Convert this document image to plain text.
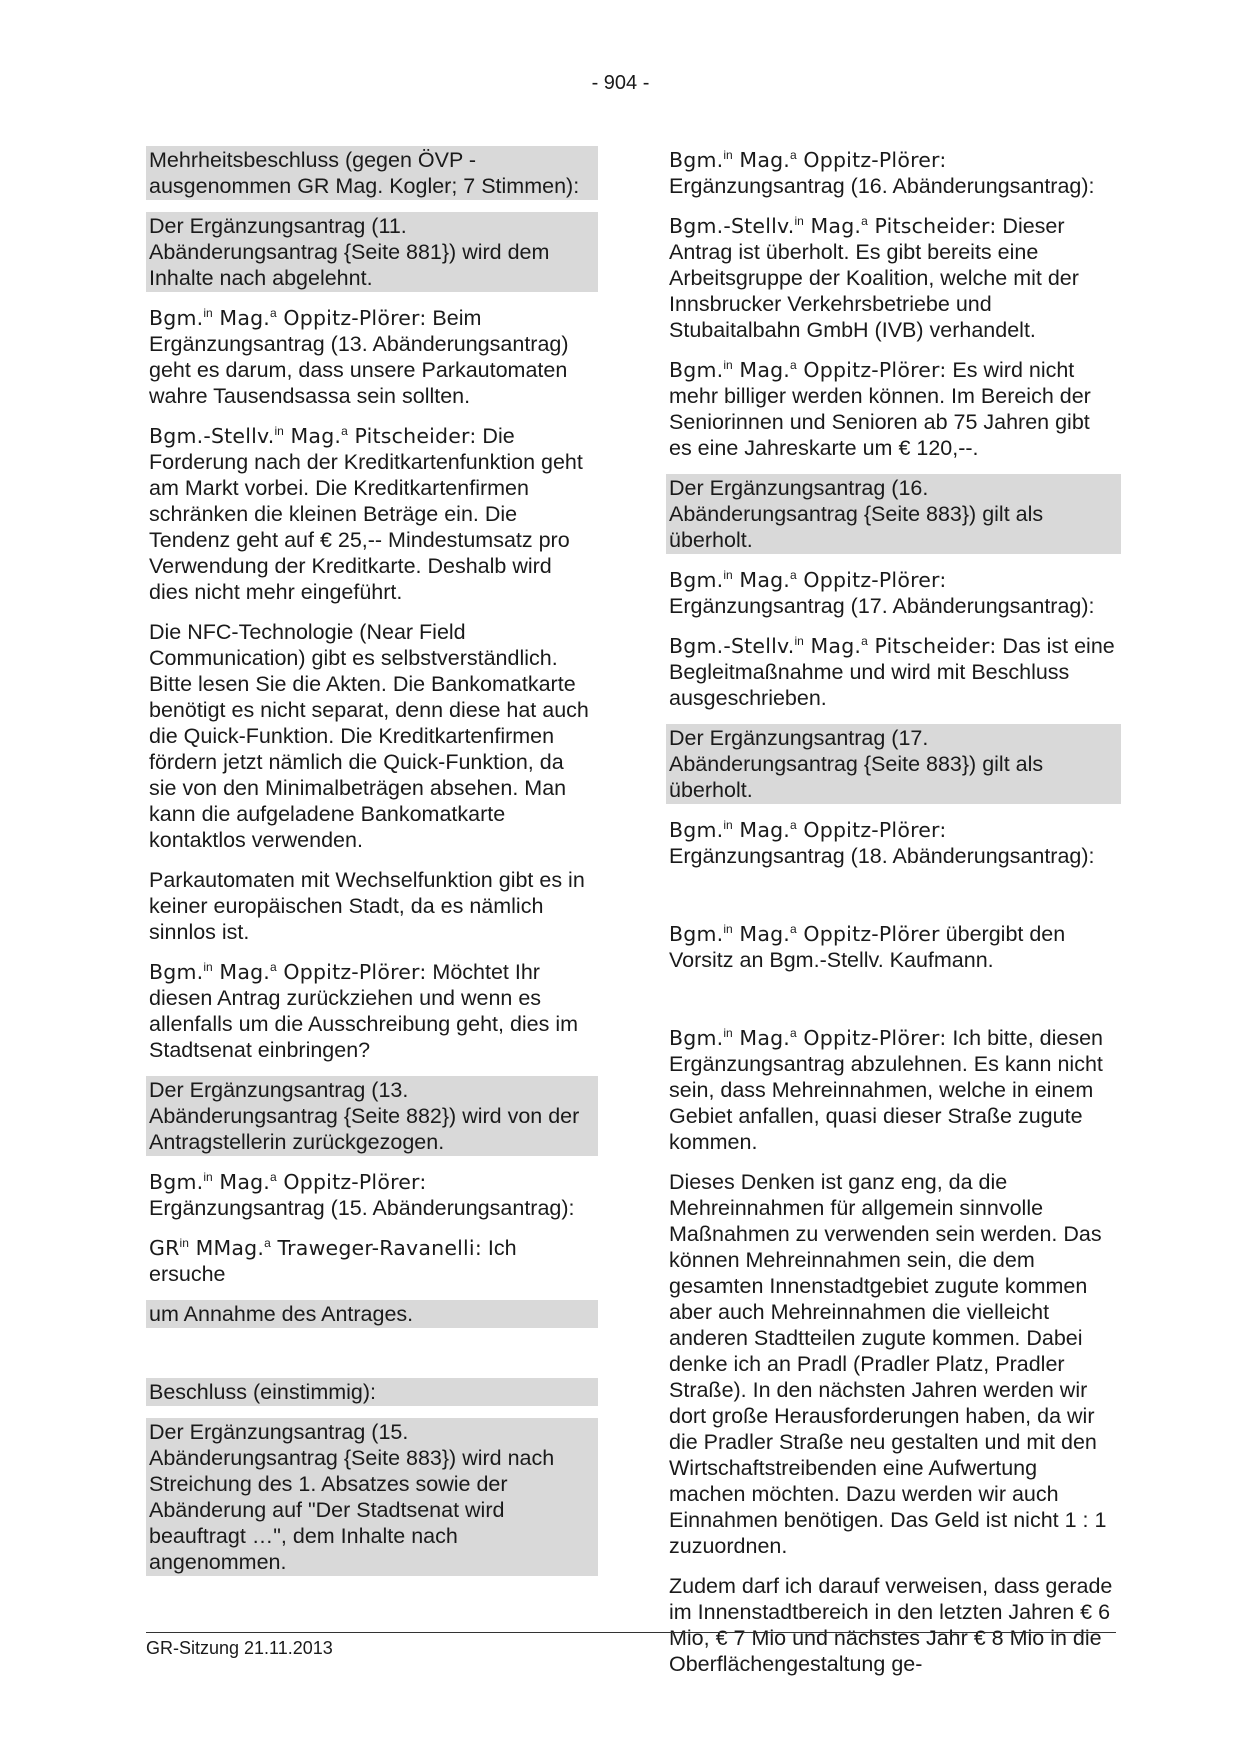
- 904 -

Mehrheitsbeschluss (gegen ÖVP - ausgenommen GR Mag. Kogler; 7 Stimmen):

Der Ergänzungsantrag (11. Abänderungsantrag {Seite 881}) wird dem Inhalte nach abgelehnt.

Bgm.$^{in}$ Mag.$^a$ Oppitz-Plörer: Beim Ergänzungsantrag (13. Abänderungsantrag) geht es darum, dass unsere Parkautomaten wahre Tausendsassa sein sollten.

Bgm.-Stellv.$^{in}$ Mag.$^a$ Pitscheider: Die Forderung nach der Kreditkartenfunktion geht am Markt vorbei. Die Kreditkartenfirmen schränken die kleinen Beträge ein. Die Tendenz geht auf € 25,-- Mindestumsatz pro Verwendung der Kreditkarte. Deshalb wird dies nicht mehr eingeführt.

Die NFC-Technologie (Near Field Communication) gibt es selbstverständlich. Bitte lesen Sie die Akten. Die Bankomatkarte benötigt es nicht separat, denn diese hat auch die Quick-Funktion. Die Kreditkartenfirmen fördern jetzt nämlich die Quick-Funktion, da sie von den Minimalbeträgen absehen. Man kann die aufgeladene Bankomatkarte kontaktlos verwenden.

Parkautomaten mit Wechselfunktion gibt es in keiner europäischen Stadt, da es nämlich sinnlos ist.

Bgm.$^{in}$ Mag.$^a$ Oppitz-Plörer: Möchtet Ihr diesen Antrag zurückziehen und wenn es allenfalls um die Ausschreibung geht, dies im Stadtsenat einbringen?

Der Ergänzungsantrag (13. Abänderungsantrag {Seite 882}) wird von der Antragstellerin zurückgezogen.

Bgm.$^{in}$ Mag.$^a$ Oppitz-Plörer: Ergänzungsantrag (15. Abänderungsantrag):

$GR^{in}$ MMag.$^a$ Traweger-Ravanelli: Ich ersuche

um Annahme des Antrages.

Beschluss (einstimmig):

Der Ergänzungsantrag (15. Abänderungsantrag {Seite 883}) wird nach Streichung des 1. Absatzes sowie der Abänderung auf "Der Stadtsenat wird beauftragt …", dem Inhalte nach angenommen.

Bgm.$^{in}$ Mag.$^a$ Oppitz-Plörer: Ergänzungsantrag (16. Abänderungsantrag):

Bgm.-Stellv.$^{in}$ Mag.$^a$ Pitscheider: Dieser Antrag ist überholt. Es gibt bereits eine Arbeitsgruppe der Koalition, welche mit der Innsbrucker Verkehrsbetriebe und Stubaitalbahn GmbH (IVB) verhandelt.

Bgm.$^{in}$ Mag.$^a$ Oppitz-Plörer: Es wird nicht mehr billiger werden können. Im Bereich der Seniorinnen und Senioren ab 75 Jahren gibt es eine Jahreskarte um € 120,--.

Der Ergänzungsantrag (16. Abänderungsantrag {Seite 883}) gilt als überholt.

Bgm.$^{in}$ Mag.$^a$ Oppitz-Plörer: Ergänzungsantrag (17. Abänderungsantrag):

Bgm.-Stellv.$^{in}$ Mag.$^a$ Pitscheider: Das ist eine Begleitmaßnahme und wird mit Beschluss ausgeschrieben.

Der Ergänzungsantrag (17. Abänderungsantrag {Seite 883}) gilt als überholt.

Bgm.$^{in}$ Mag.$^a$ Oppitz-Plörer: Ergänzungsantrag (18. Abänderungsantrag):

Bgm.$^{in}$ Mag.$^a$ Oppitz-Plörer übergibt den Vorsitz an Bgm.-Stellv. Kaufmann.

Bgm.$^{in}$ Mag.$^a$ Oppitz-Plörer: Ich bitte, diesen Ergänzungsantrag abzulehnen. Es kann nicht sein, dass Mehreinnahmen, welche in einem Gebiet anfallen, quasi dieser Straße zugute kommen.

Dieses Denken ist ganz eng, da die Mehreinnahmen für allgemein sinnvolle Maßnahmen zu verwenden sein werden. Das können Mehreinnahmen sein, die dem gesamten Innenstadtgebiet zugute kommen aber auch Mehreinnahmen die vielleicht anderen Stadtteilen zugute kommen. Dabei denke ich an Pradl (Pradler Platz, Pradler Straße). In den nächsten Jahren werden wir dort große Herausforderungen haben, da wir die Pradler Straße neu gestalten und mit den Wirtschaftstreibenden eine Aufwertung machen möchten. Dazu werden wir auch Einnahmen benötigen. Das Geld ist nicht 1 : 1 zuzuordnen.

Zudem darf ich darauf verweisen, dass gerade im Innenstadtbereich in den letzten Jahren € 6 Mio, € 7 Mio und nächstes Jahr € 8 Mio in die Oberflächengestaltung ge-

GR-Sitzung 21.11.2013
